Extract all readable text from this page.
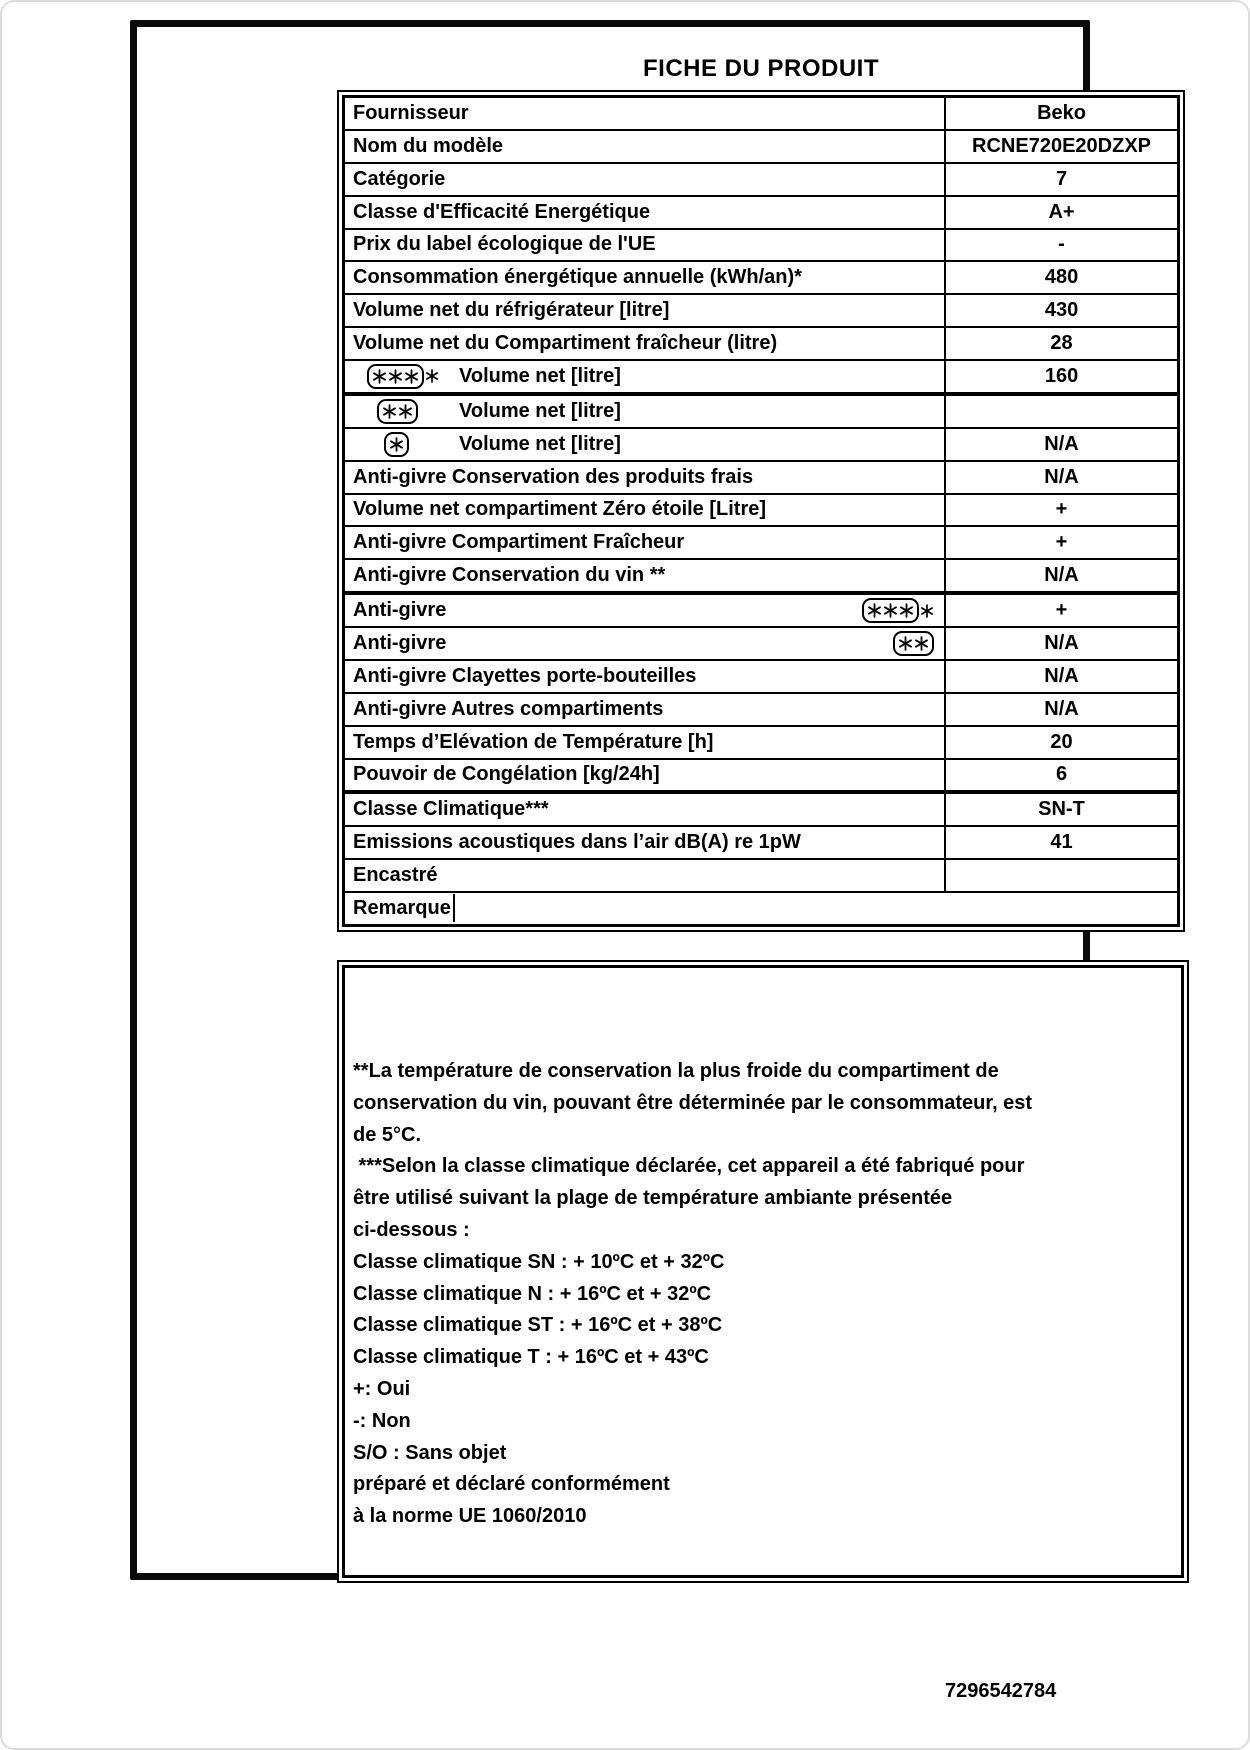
FICHE DU PRODUIT
Fournisseur	Beko
Nom du modèle	RCNE720E20DZXP
Catégorie	7
Classe d'Efficacité Energétique	A+
Prix du label écologique de l'UE	-
Consommation énergétique annuelle (kWh/an)*	480
Volume net du réfrigérateur [litre]	430
Volume net du Compartiment fraîcheur (litre)	28
Volume net [litre]	160
Volume net [litre]
Volume net [litre]	N/A
Anti-givre Conservation des produits frais	N/A
Volume net compartiment Zéro étoile [Litre]	+
Anti-givre Compartiment Fraîcheur	+
Anti-givre Conservation du vin **	N/A
Anti-givre	+
Anti-givre	N/A
Anti-givre Clayettes porte-bouteilles	N/A
Anti-givre Autres compartiments	N/A
Temps d’Elévation de Température [h]	20
Pouvoir de Congélation [kg/24h]	6
Classe Climatique***	SN-T
Emissions acoustiques dans l’air dB(A) re 1pW	41
Encastré
Remarque
**La température de conservation la plus froide du compartiment de
conservation du vin, pouvant être déterminée par le consommateur, est
de 5°C.
***Selon la classe climatique déclarée, cet appareil a été fabriqué pour
être utilisé suivant la plage de température ambiante présentée
ci-dessous :
Classe climatique SN : + 10ºC et + 32ºC
Classe climatique N : + 16ºC et + 32ºC
Classe climatique ST : + 16ºC et + 38ºC
Classe climatique T : + 16ºC et + 43ºC
+: Oui
-: Non
S/O : Sans objet
préparé et déclaré conformément
à la norme UE 1060/2010
7296542784
